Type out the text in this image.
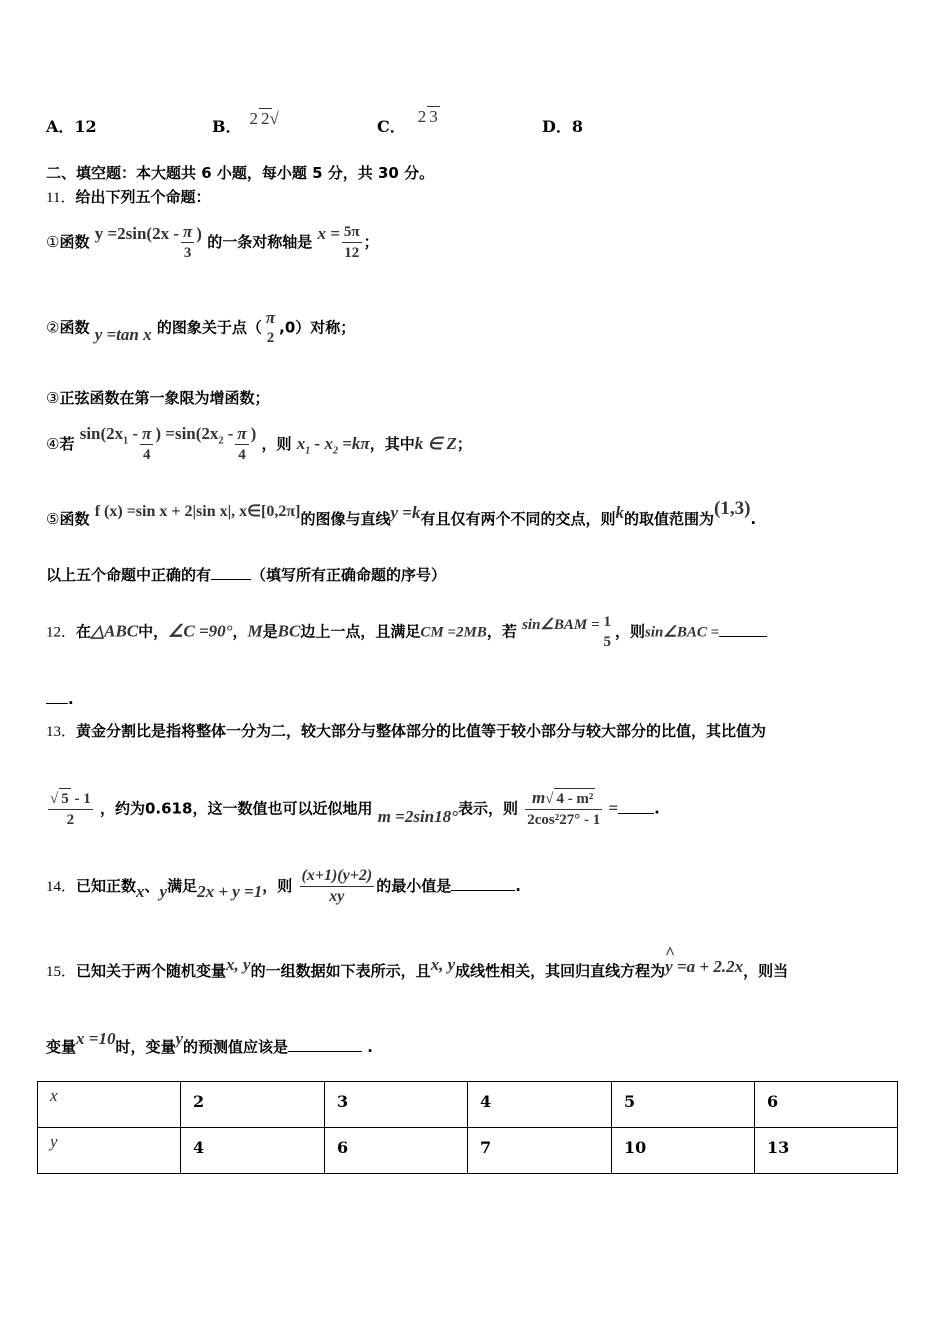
A．12	B． 2 2√	C．2 3
D．8
二、填空题：本大题共 6 小题，每小题 5 分，共 30 分。
11．给出下列五个命题：
①函数 $y =2\sin(2x - \frac{\pi}{3}$ ) 的一条对称轴是 $x = \frac{5\pi}{12}$ ；
②函数 y =tan x 的图象关于点（
π
2
,0）对称；
③正弦函数在第一象限为增函数；
④若 $\sin(2x_1 - \frac{\pi}{4}$ ) $=\sin(2x_2 - \frac{\pi}{4}$ ) ，则 $x_1 - x_2 =k\pi$，其中k ∈ Z；
⑤函数 f (x) =sin x + 2|sin x|, x∈[0,2π]的图像与直线y =k有且仅有两个不同的交点，则k的取值范围为(1,3).
以上五个命题中正确的有	（填写所有正确命题的序号）
12．在△ABC中，∠C =90°，M是BC边上一点，且满足CM =2MB，若 sin∠BAM = 1
5
，则sin∠BAC =
.
13．黄金分割比是指将整体一分为二，较大部分与整体部分的比值等于较小部分与较大部分的比值，其比值为
$\frac{√ 5 - 1}{2}$ ，约为0.618，这一数值也可以近似地用 m =2sin18°表示，则 $\frac{\text{m√ 4 - m²}}{\text{2cos²27° - 1}}$ = .
14．已知正数x、y满足2x + y =1，则 $\frac{(x+1)(y+2)}{xy}$ 的最小值是	.
15．已知关于两个随机变量x, y的一组数据如下表所示，且x, y成线性相关，其回归直线方程为
^
y =a + 2.2x，则当
变量x =10时，变量y的预测值应该是	.
x	2	3	4	5	6
y	4	6	7	10	13
